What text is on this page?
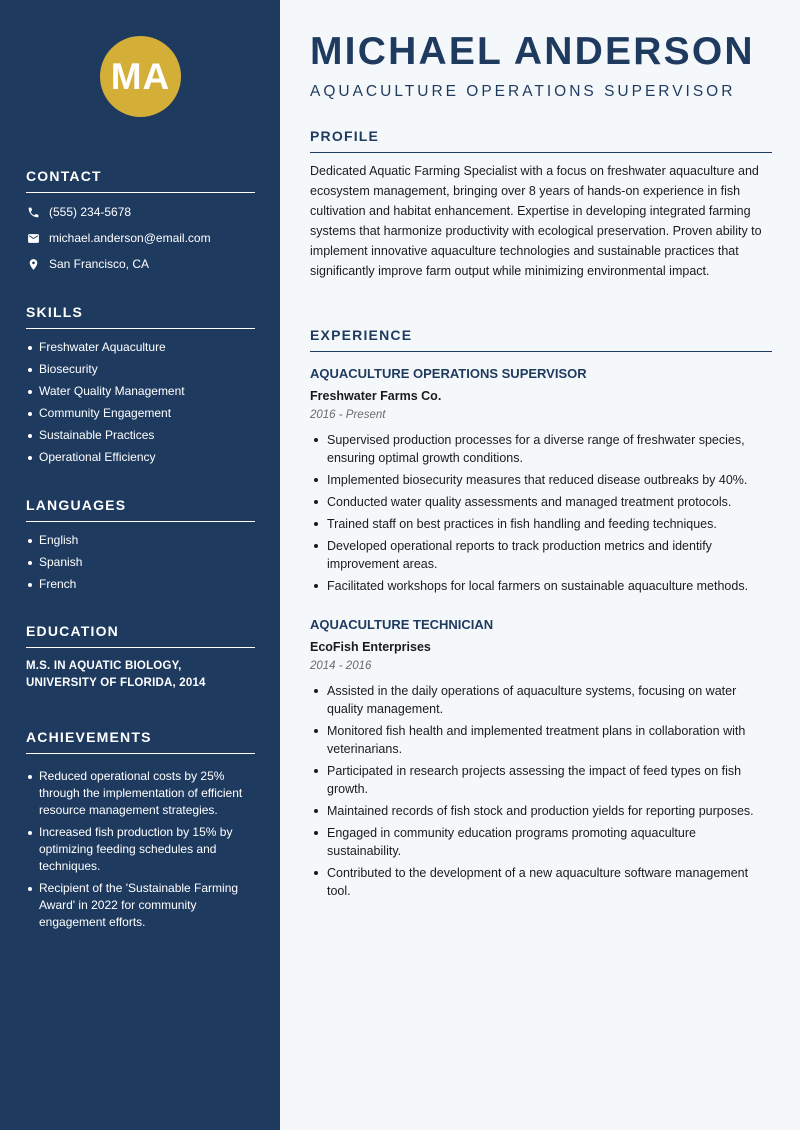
MA
CONTACT
(555) 234-5678
michael.anderson@email.com
San Francisco, CA
SKILLS
Freshwater Aquaculture
Biosecurity
Water Quality Management
Community Engagement
Sustainable Practices
Operational Efficiency
LANGUAGES
English
Spanish
French
EDUCATION

M.S. IN AQUATIC BIOLOGY, UNIVERSITY OF FLORIDA, 2014

ACHIEVEMENTS
Reduced operational costs by 25% through the implementation of efficient resource management strategies.
Increased fish production by 15% by optimizing feeding schedules and techniques.
Recipient of the 'Sustainable Farming Award' in 2022 for community engagement efforts.
MICHAEL ANDERSON
AQUACULTURE OPERATIONS SUPERVISOR
PROFILE

Dedicated Aquatic Farming Specialist with a focus on freshwater aquaculture and ecosystem management, bringing over 8 years of hands-on experience in fish cultivation and habitat enhancement. Expertise in developing integrated farming systems that harmonize productivity with ecological preservation. Proven ability to implement innovative aquaculture technologies and sustainable practices that significantly improve farm output while minimizing environmental impact.

EXPERIENCE
AQUACULTURE OPERATIONS SUPERVISOR
Freshwater Farms Co.
2016 - Present
Supervised production processes for a diverse range of freshwater species, ensuring optimal growth conditions.
Implemented biosecurity measures that reduced disease outbreaks by 40%.
Conducted water quality assessments and managed treatment protocols.
Trained staff on best practices in fish handling and feeding techniques.
Developed operational reports to track production metrics and identify improvement areas.
Facilitated workshops for local farmers on sustainable aquaculture methods.
AQUACULTURE TECHNICIAN
EcoFish Enterprises
2014 - 2016
Assisted in the daily operations of aquaculture systems, focusing on water quality management.
Monitored fish health and implemented treatment plans in collaboration with veterinarians.
Participated in research projects assessing the impact of feed types on fish growth.
Maintained records of fish stock and production yields for reporting purposes.
Engaged in community education programs promoting aquaculture sustainability.
Contributed to the development of a new aquaculture software management tool.
